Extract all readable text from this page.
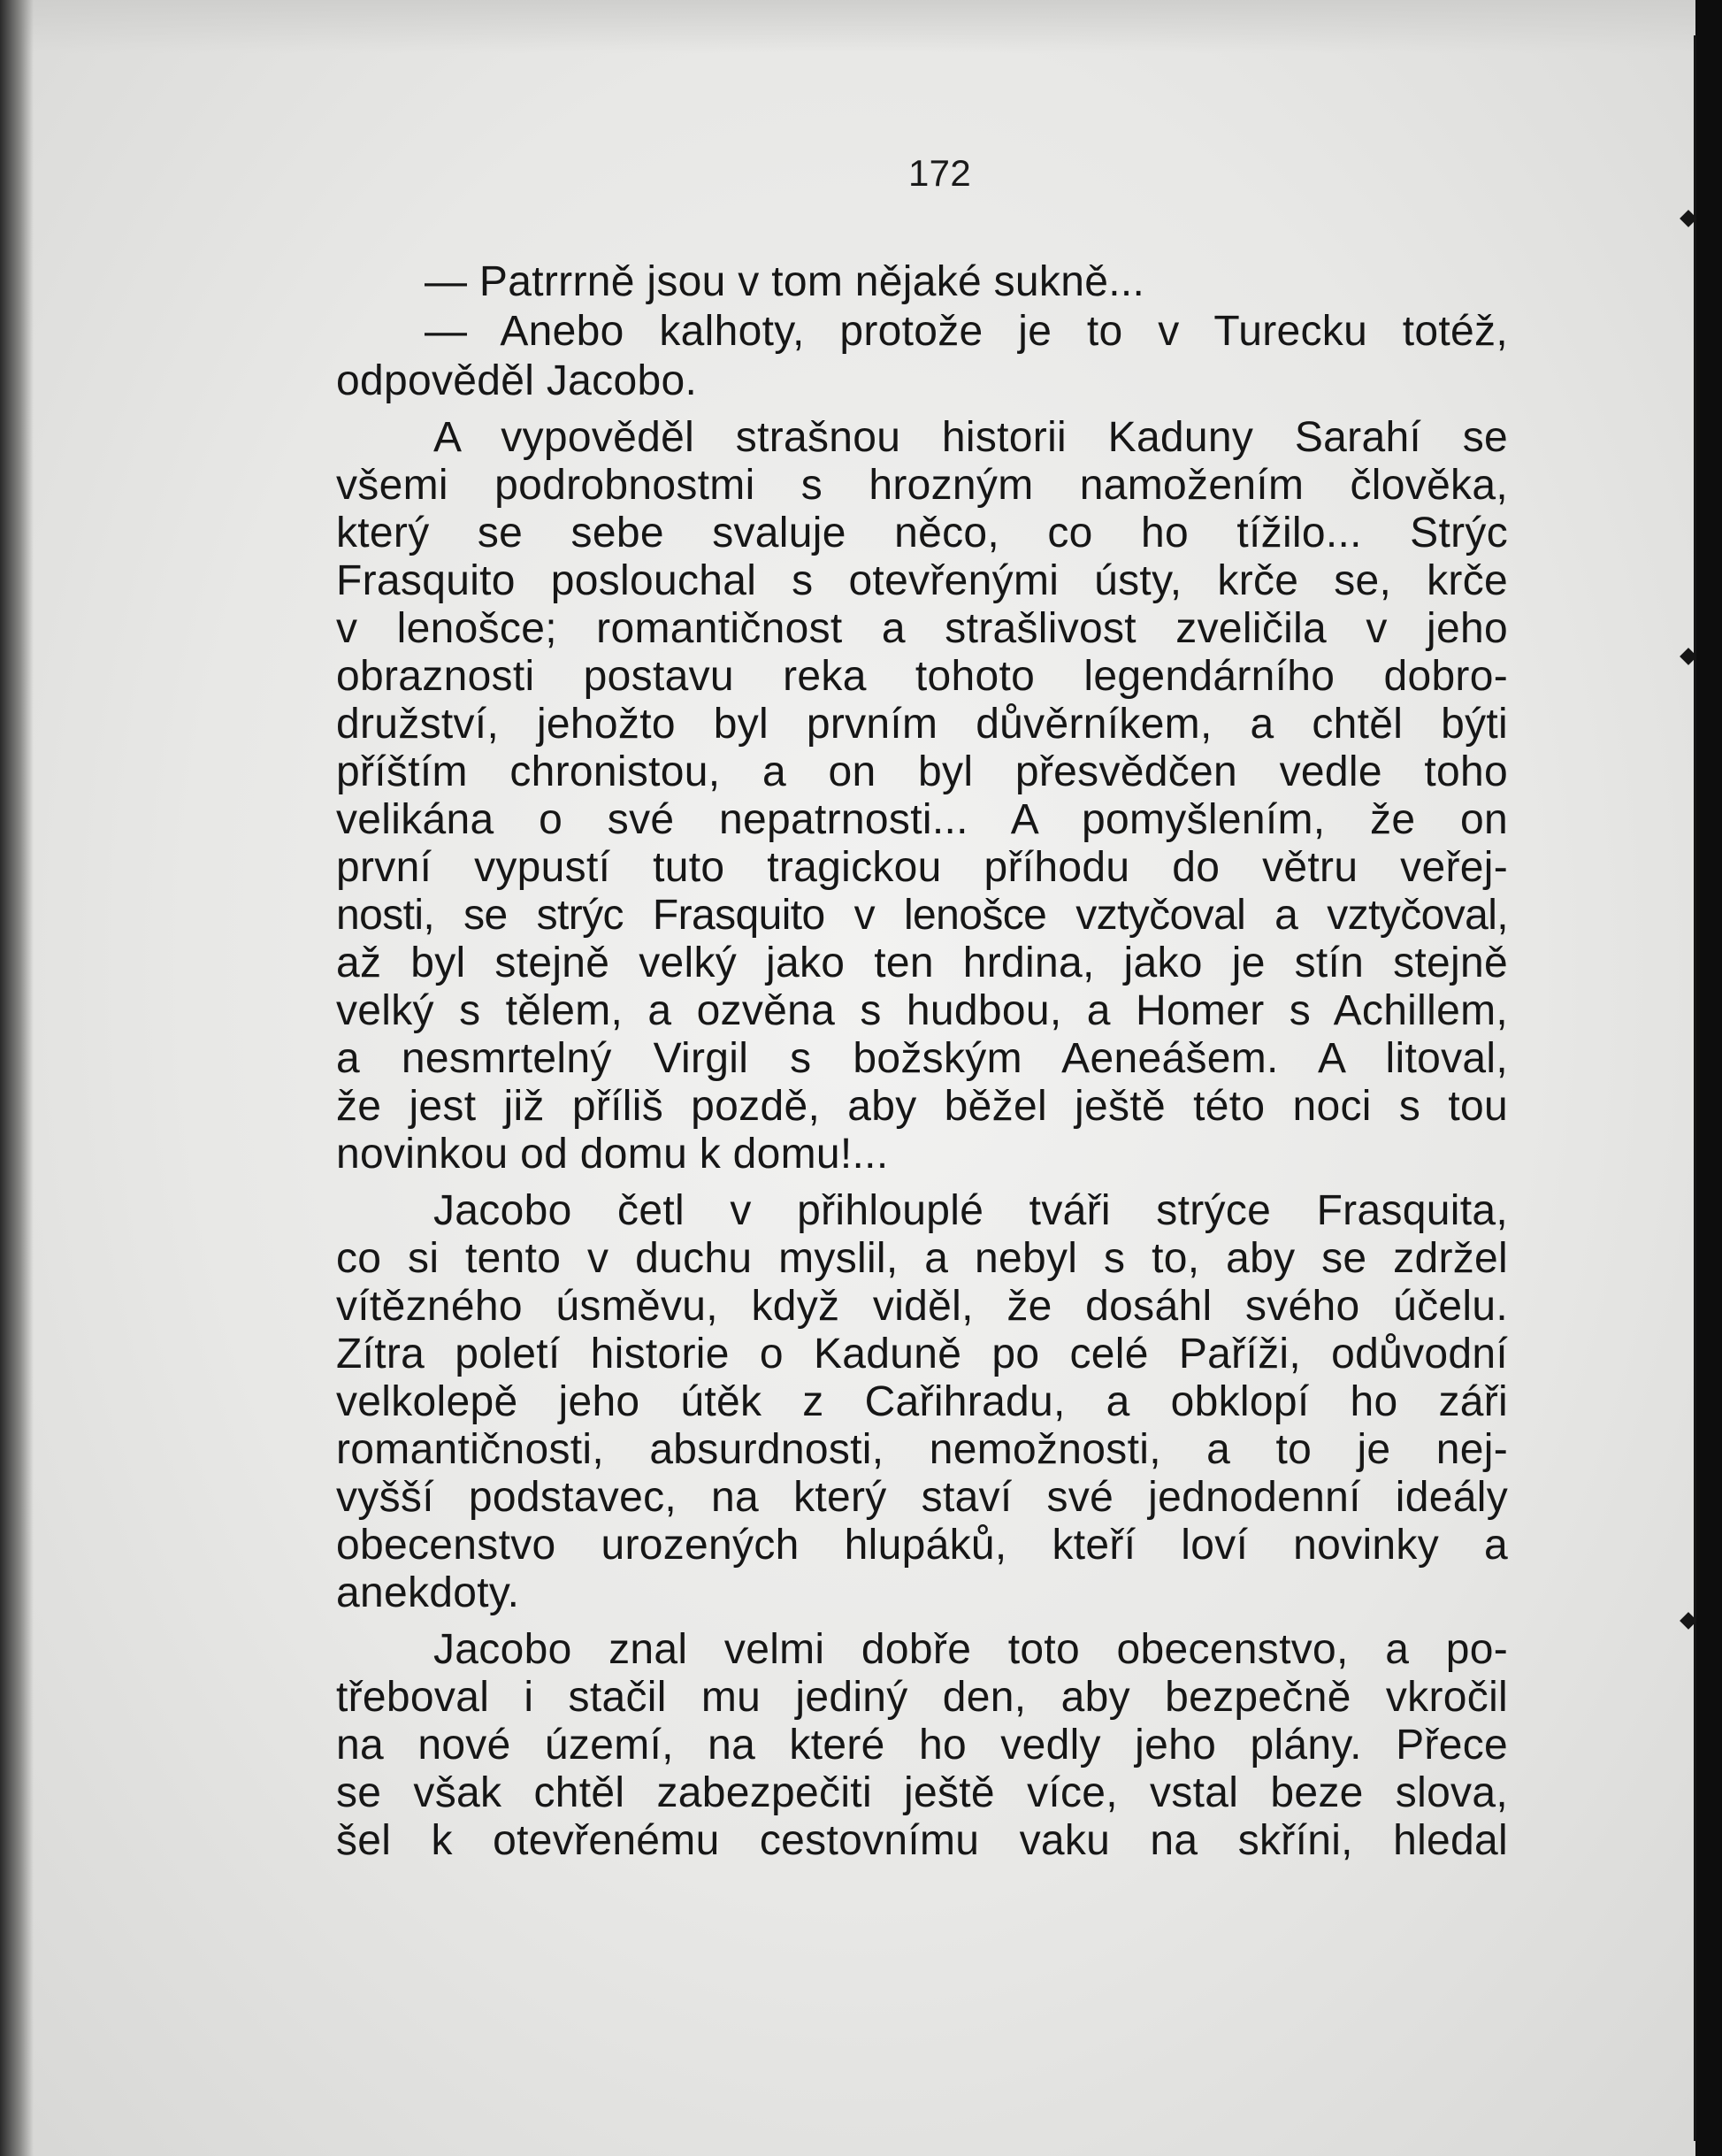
172
— Patrrrně jsou v tom nějaké sukně...
— Anebo kalhoty, protože je to v Turecku totéž,
odpověděl Jacobo.
A vypověděl strašnou historii Kaduny Sarahí se
všemi podrobnostmi s hrozným namožením člověka,
který se sebe svaluje něco, co ho tížilo... Strýc
Frasquito poslouchal s otevřenými ústy, krče se, krče
v lenošce; romantičnost a strašlivost zveličila v jeho
obraznosti postavu reka tohoto legendárního dobro-
družství, jehožto byl prvním důvěrníkem, a chtěl býti
příštím chronistou, a on byl přesvědčen vedle toho
velikána o své nepatrnosti... A pomyšlením, že on
první vypustí tuto tragickou příhodu do větru veřej-
nosti, se strýc Frasquito v lenošce vztyčoval a vztyčoval,
až byl stejně velký jako ten hrdina, jako je stín stejně
velký s tělem, a ozvěna s hudbou, a Homer s Achillem,
a nesmrtelný Virgil s božským Aeneášem. A litoval,
že jest již příliš pozdě, aby běžel ještě této noci s tou
novinkou od domu k domu!...
Jacobo četl v přihlouplé tváři strýce Frasquita,
co si tento v duchu myslil, a nebyl s to, aby se zdržel
vítězného úsměvu, když viděl, že dosáhl svého účelu.
Zítra poletí historie o Kaduně po celé Paříži, odůvodní
velkolepě jeho útěk z Cařihradu, a obklopí ho záři
romantičnosti, absurdnosti, nemožnosti, a to je nej-
vyšší podstavec, na který staví své jednodenní ideály
obecenstvo urozených hlupáků, kteří loví novinky a
anekdoty.
Jacobo znal velmi dobře toto obecenstvo, a po-
třeboval i stačil mu jediný den, aby bezpečně vkročil
na nové území, na které ho vedly jeho plány. Přece
se však chtěl zabezpečiti ještě více, vstal beze slova,
šel k otevřenému cestovnímu vaku na skříni, hledal
